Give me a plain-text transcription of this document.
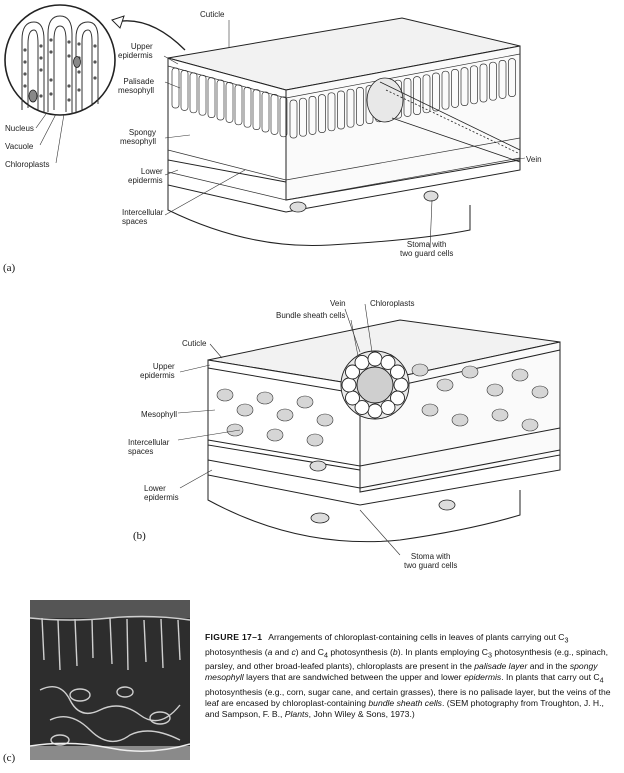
(a)
Cuticle
Upper
epidermis
Palisade
mesophyll
Spongy
mesophyll
Lower
epidermis
Intercellular
spaces
Stoma with
two guard cells
Vein
Nucleus
Vacuole
Chloroplasts
(b)
Vein	Chloroplasts
Bundle sheath cells
Cuticle
Upper
epidermis
Mesophyll
Intercellular
spaces
Lower
epidermis
Stoma with
two guard cells
(c)
FIGURE 17–1 Arrangements of chloroplast-containing cells in leaves of plants carrying out $C_3$ photosynthesis (a and c) and $C_4$ photosynthesis (b). In plants employing $C_3$ photosynthesis (e.g., spinach, parsley, and other broad-leafed plants), chloroplasts are present in the palisade layer and in the spongy mesophyll layers that are sandwiched between the upper and lower epidermis. In plants that carry out $C_4$ photosynthesis (e.g., corn, sugar cane, and certain grasses), there is no palisade layer, but the veins of the leaf are encased by chloroplast-containing bundle sheath cells. (SEM photography from Troughton, J. H., and Sampson, F. B., Plants, John Wiley & Sons, 1973.)
